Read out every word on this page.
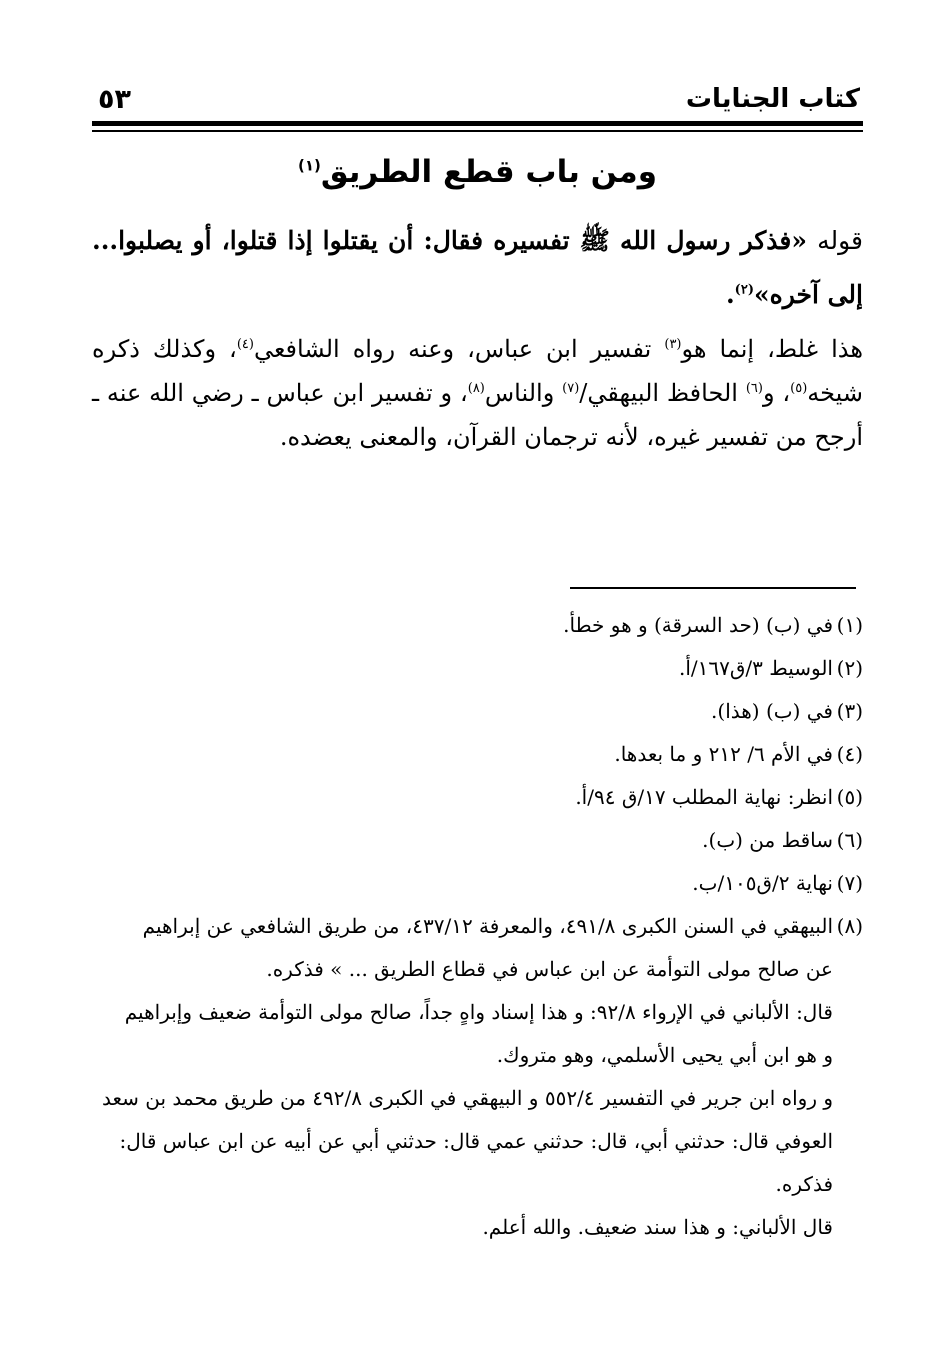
كتاب الجنايات
٥٣
ومن باب قطع الطريق$^{(١)}$
قوله «فذكر رسول الله ﷺ تفسيره فقال: أن يقتلوا إذا قتلوا، أو يصلبوا... إلى آخره»$^{(٢)}$.
هذا غلط، إنما هو$^{(٣)}$ تفسير ابن عباس، وعنه رواه الشافعي$^{(٤)}$، وكذلك ذكره شيخه$^{(٥)}$، و$^{(٦)}$ الحافظ البيهقي/$^{(٧)}$ والناس$^{(٨)}$، و تفسير ابن عباس ـ رضي الله عنه ـ أرجح من تفسير غيره، لأنه ترجمان القرآن، والمعنى يعضده.
(١)في (ب) (حد السرقة) و هو خطأ.
(٢)الوسيط ٣/ق١٦٧/أ.
(٣)في (ب) (هذا).
(٤)في الأم ٦/ ٢١٢ و ما بعدها.
(٥)انظر: نهاية المطلب ١٧/ق ٩٤/أ.
(٦)ساقط من (ب).
(٧)نهاية ٢/ق١٠٥/ب.
(٨)البيهقي في السنن الكبرى ٤٩١/٨، والمعرفة ٤٣٧/١٢، من طريق الشافعي عن إبراهيم
عن صالح مولى التوأمة عن ابن عباس في قطاع الطريق ... » فذكره.
قال: الألباني في الإرواء ٩٢/٨: و هذا إسناد واهٍ جداً، صالح مولى التوأمة ضعيف وإبراهيم
و هو ابن أبي يحيى الأسلمي، وهو متروك.
و رواه ابن جرير في التفسير ٥٥٢/٤ و البيهقي في الكبرى ٤٩٢/٨ من طريق محمد بن سعد
العوفي قال: حدثني أبي، قال: حدثني عمي قال: حدثني أبي عن أبيه عن ابن عباس قال:
فذكره.
قال الألباني: و هذا سند ضعيف. والله أعلم.
